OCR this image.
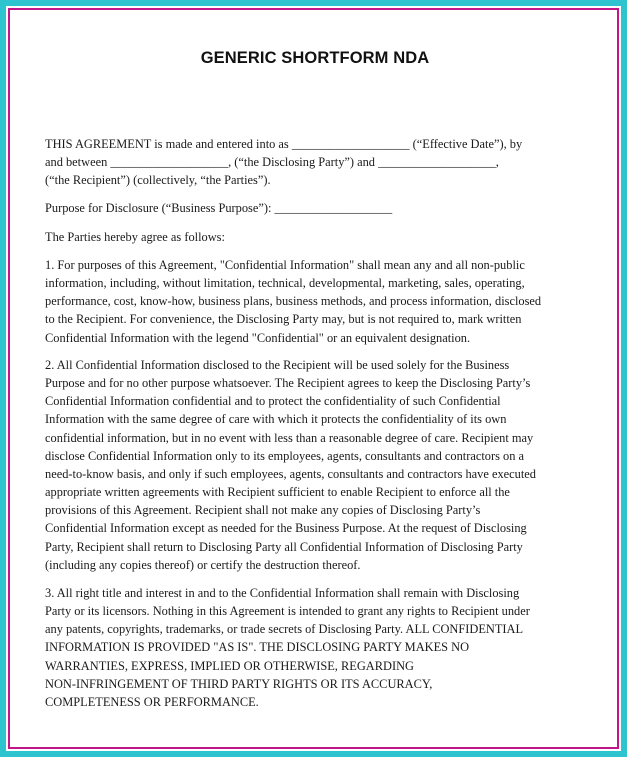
GENERIC SHORTFORM NDA
THIS AGREEMENT is made and entered into as ___________________ (“Effective Date”), by
and between ___________________, (“the Disclosing Party”) and ___________________,
(“the Recipient”) (collectively, “the Parties”).
Purpose for Disclosure (“Business Purpose”): ___________________
The Parties hereby agree as follows:
1. For purposes of this Agreement, "Confidential Information" shall mean any and all non-public
information, including, without limitation, technical, developmental, marketing, sales, operating,
performance, cost, know-how, business plans, business methods, and process information, disclosed
to the Recipient. For convenience, the Disclosing Party may, but is not required to, mark written
Confidential Information with the legend "Confidential" or an equivalent designation.
2. All Confidential Information disclosed to the Recipient will be used solely for the Business
Purpose and for no other purpose whatsoever. The Recipient agrees to keep the Disclosing Party’s
Confidential Information confidential and to protect the confidentiality of such Confidential
Information with the same degree of care with which it protects the confidentiality of its own
confidential information, but in no event with less than a reasonable degree of care. Recipient may
disclose Confidential Information only to its employees, agents, consultants and contractors on a
need-to-know basis, and only if such employees, agents, consultants and contractors have executed
appropriate written agreements with Recipient sufficient to enable Recipient to enforce all the
provisions of this Agreement. Recipient shall not make any copies of Disclosing Party’s
Confidential Information except as needed for the Business Purpose. At the request of Disclosing
Party, Recipient shall return to Disclosing Party all Confidential Information of Disclosing Party
(including any copies thereof) or certify the destruction thereof.
3. All right title and interest in and to the Confidential Information shall remain with Disclosing
Party or its licensors. Nothing in this Agreement is intended to grant any rights to Recipient under
any patents, copyrights, trademarks, or trade secrets of Disclosing Party. ALL CONFIDENTIAL
INFORMATION IS PROVIDED "AS IS". THE DISCLOSING PARTY MAKES NO
WARRANTIES, EXPRESS, IMPLIED OR OTHERWISE, REGARDING
NON-INFRINGEMENT OF THIRD PARTY RIGHTS OR ITS ACCURACY,
COMPLETENESS OR PERFORMANCE.
